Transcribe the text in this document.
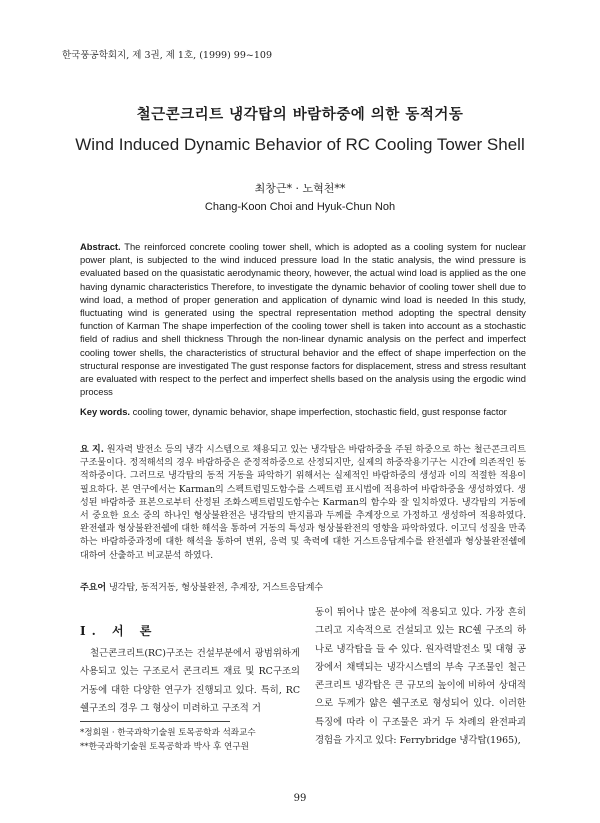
한국풍공학회지, 제 3권, 제 1호, (1999) 99~109
철근콘크리트 냉각탑의 바람하중에 의한 동적거동
Wind Induced Dynamic Behavior of RC Cooling Tower Shell
최창근* · 노혁천**
Chang-Koon Choi and Hyuk-Chun Noh
Abstract. The reinforced concrete cooling tower shell, which is adopted as a cooling system for nuclear power plant, is subjected to the wind induced pressure load In the static analysis, the wind pressure is evaluated based on the quasistatic aerodynamic theory, however, the actual wind load is applied as the one having dynamic characteristics Therefore, to investigate the dynamic behavior of cooling tower shell due to wind load, a method of proper generation and application of dynamic wind load is needed In this study, fluctuating wind is generated using the spectral representation method adopting the spectral density function of Karman The shape imperfection of the cooling tower shell is taken into account as a stochastic field of radius and shell thickness Through the non-linear dynamic analysis on the perfect and imperfect cooling tower shells, the characteristics of structural behavior and the effect of shape imperfection on the structural response are investigated The gust response factors for displacement, stress and stress resultant are evaluated with respect to the perfect and imperfect shells based on the analysis using the ergodic wind process
Key words. cooling tower, dynamic behavior, shape imperfection, stochastic field, gust response factor
요 지. 원자력 발전소 등의 냉각 시스템으로 채용되고 있는 냉각탑은 바람하중을 주된 하중으로 하는 철근콘크리트 구조물이다. 정적해석의 경우 바람하중은 준정적하중으로 산정되지만, 실제의 하중작용기구는 시간에 의존적인 동적하중이다. 그러므로 냉각탑의 동적 거동을 파악하기 위해서는 실제적인 바람하중의 생성과 이의 적절한 적용이 필요하다. 본 연구에서는 Karman의 스펙트럼밀도함수를 스펙트럼 표시법에 적용하여 바람하중을 생성하였다. 생성된 바람하중 표본으로부터 산정된 조화스펙트럼밀도함수는 Karman의 함수와 잘 일치하였다. 냉각탑의 거동에서 중요한 요소 중의 하나인 형상불완전은 냉각탑의 반지름과 두께를 추계장으로 가정하고 생성하여 적용하였다. 완전쉘과 형상불완전쉘에 대한 해석을 통하여 거동의 특성과 형상불완전의 영향을 파악하였다. 이고딕 성질을 만족하는 바람하중과정에 대한 해석을 통하여 변위, 응력 및 축력에 대한 거스트응답계수를 완전쉘과 형상불완전쉘에 대하여 산출하고 비교분석 하였다.
주요어 냉각탑, 동적거동, 형상불완전, 추계장, 거스트응답계수
I. 서 론
철근콘크리트(RC)구조는 건설부분에서 광범위하게 사용되고 있는 구조로서 콘크리트 재료 및 RC구조의 거동에 대한 다양한 연구가 진행되고 있다. 특히, RC쉘구조의 경우 그 형상이 미려하고 구조적 거
*정회원 · 한국과학기술원 토목공학과 석좌교수
**한국과학기술원 토목공학과 박사 후 연구원
동이 뛰어나 많은 분야에 적용되고 있다. 가장 흔히 그리고 지속적으로 건설되고 있는 RC쉘 구조의 하나로 냉각탑을 들 수 있다. 원자력발전소 및 대형 공장에서 채택되는 냉각시스템의 부속 구조물인 철근콘크리트 냉각탑은 큰 규모의 높이에 비하여 상대적으로 두께가 얇은 쉘구조로 형성되어 있다. 이러한 특징에 따라 이 구조물은 과거 두 차례의 완전파괴 경험을 가지고 있다: Ferrybridge 냉각탑(1965),
99
